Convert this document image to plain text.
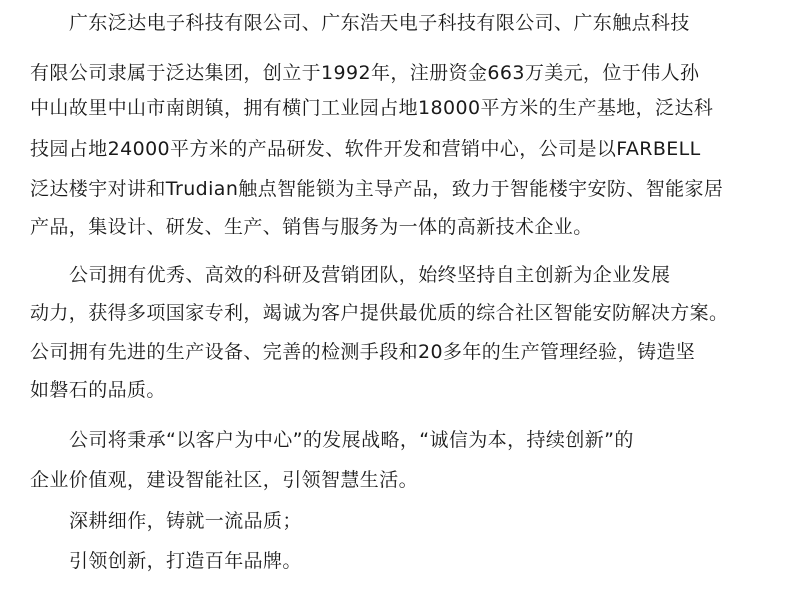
广东泛达电子科技有限公司、广东浩天电子科技有限公司、广东触点科技
有限公司隶属于泛达集团，创立于1992年，注册资金663万美元，位于伟人孙
中山故里中山市南朗镇，拥有横门工业园占地18000平方米的生产基地，泛达科
技园占地24000平方米的产品研发、软件开发和营销中心，公司是以FARBELL
泛达楼宇对讲和Trudian触点智能锁为主导产品，致力于智能楼宇安防、智能家居
产品，集设计、研发、生产、销售与服务为一体的高新技术企业。
公司拥有优秀、高效的科研及营销团队，始终坚持自主创新为企业发展
动力，获得多项国家专利，竭诚为客户提供最优质的综合社区智能安防解决方案。
公司拥有先进的生产设备、完善的检测手段和20多年的生产管理经验，铸造坚
如磐石的品质。
公司将秉承“以客户为中心”的发展战略，“诚信为本，持续创新”的
企业价值观，建设智能社区，引领智慧生活。
深耕细作，铸就一流品质；
引领创新，打造百年品牌。
